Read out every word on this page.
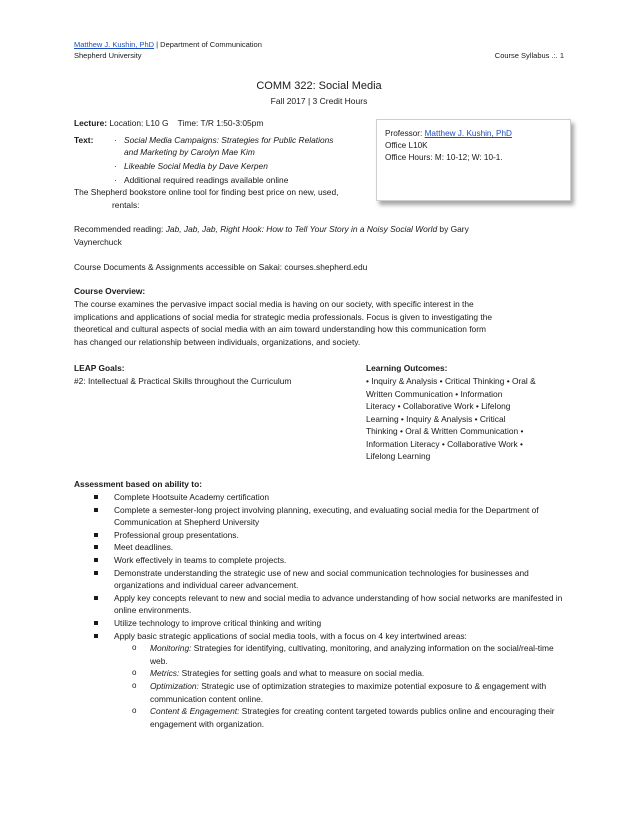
Matthew J. Kushin, PhD | Department of Communication
Shepherd University	Course Syllabus .:. 1
COMM 322: Social Media
Fall 2017 | 3 Credit Hours
Lecture: Location: L10 G Time: T/R 1:50-3:05pm
Text: · Social Media Campaigns: Strategies for Public Relations
and Marketing by Carolyn Mae Kim
· Likeable Social Media by Dave Kerpen
· Additional required readings available online
The Shepherd bookstore online tool for finding best price on new, used,
rentals:
Professor: Matthew J. Kushin, PhD
Office L10K
Office Hours: M: 10-12; W: 10-1.
Recommended reading: Jab, Jab, Jab, Right Hook: How to Tell Your Story in a Noisy Social World by Gary
Vaynerchuck
Course Documents & Assignments accessible on Sakai: courses.shepherd.edu
Course Overview:
The course examines the pervasive impact social media is having on our society, with specific interest in the
implications and applications of social media for strategic media professionals. Focus is given to investigating the
theoretical and cultural aspects of social media with an aim toward understanding how this communication form
has changed our relationship between individuals, organizations, and society.
LEAP Goals:
#2: Intellectual & Practical Skills throughout the Curriculum
Learning Outcomes:
• Inquiry & Analysis • Critical Thinking • Oral &
Written Communication • Information
Literacy • Collaborative Work • Lifelong
Learning • Inquiry & Analysis • Critical
Thinking • Oral & Written Communication •
Information Literacy • Collaborative Work •
Lifelong Learning
Assessment based on ability to:
Complete Hootsuite Academy certification
Complete a semester-long project involving planning, executing, and evaluating social media for the Department of Communication at Shepherd University
Professional group presentations.
Meet deadlines.
Work effectively in teams to complete projects.
Demonstrate understanding the strategic use of new and social communication technologies for businesses and organizations and individual career advancement.
Apply key concepts relevant to new and social media to advance understanding of how social networks are manifested in online environments.
Utilize technology to improve critical thinking and writing
Apply basic strategic applications of social media tools, with a focus on 4 key intertwined areas:
o Monitoring: Strategies for identifying, cultivating, monitoring, and analyzing information on the social/real-time web.
o Metrics: Strategies for setting goals and what to measure on social media.
o Optimization: Strategic use of optimization strategies to maximize potential exposure to & engagement with communication content online.
o Content & Engagement: Strategies for creating content targeted towards publics online and encouraging their engagement with organization.
